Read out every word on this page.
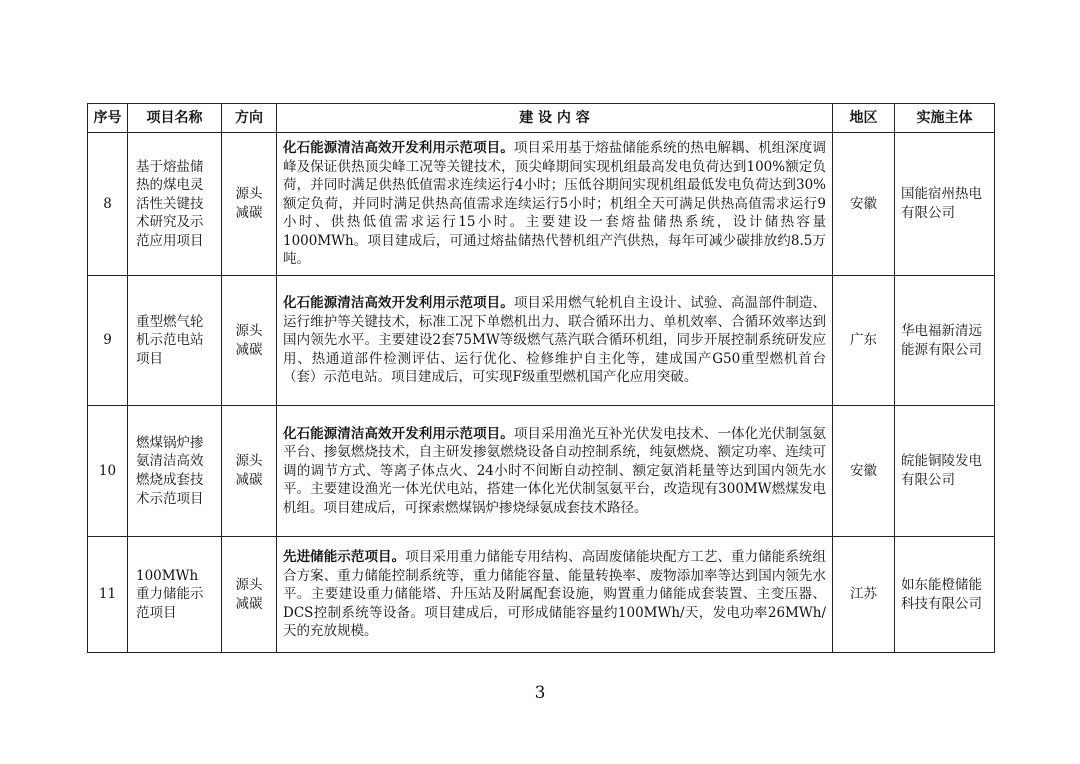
序号	项目名称	方向	建 设 内 容	地区	实施主体
8	基于熔盐储热的煤电灵活性关键技术研究及示范应用项目	源头减碳	化石能源清洁高效开发利用示范项目。项目采用基于熔盐储能系统的热电解耦、机组深度调峰及保证供热顶尖峰工况等关键技术，顶尖峰期间实现机组最高发电负荷达到100%额定负荷，并同时满足供热低值需求连续运行4小时；压低谷期间实现机组最低发电负荷达到30%额定负荷，并同时满足供热高值需求连续运行5小时；机组全天可满足供热高值需求运行9小时、供热低值需求运行15小时。主要建设一套熔盐储热系统，设计储热容量1000MWh。项目建成后，可通过熔盐储热代替机组产汽供热，每年可减少碳排放约8.5万吨。	安徽	国能宿州热电有限公司
9	重型燃气轮机示范电站项目	源头减碳	化石能源清洁高效开发利用示范项目。项目采用燃气轮机自主设计、试验、高温部件制造、运行维护等关键技术，标准工况下单燃机出力、联合循环出力、单机效率、合循环效率达到国内领先水平。主要建设2套75MW等级燃气蒸汽联合循环机组，同步开展控制系统研发应用、热通道部件检测评估、运行优化、检修维护自主化等，建成国产G50重型燃机首台（套）示范电站。项目建成后，可实现F级重型燃机国产化应用突破。	广东	华电福新清远能源有限公司
10	燃煤锅炉掺氨清洁高效燃烧成套技术示范项目	源头减碳	化石能源清洁高效开发利用示范项目。项目采用渔光互补光伏发电技术、一体化光伏制氢氨平台、掺氨燃烧技术，自主研发掺氨燃烧设备自动控制系统，纯氨燃烧、额定功率、连续可调的调节方式、等离子体点火、24小时不间断自动控制、额定氨消耗量等达到国内领先水平。主要建设渔光一体光伏电站，搭建一体化光伏制氢氨平台，改造现有300MW燃煤发电机组。项目建成后，可探索燃煤锅炉掺烧绿氨成套技术路径。	安徽	皖能铜陵发电有限公司
11	100MWh 重力储能示范项目	源头减碳	先进储能示范项目。项目采用重力储能专用结构、高固废储能块配方工艺、重力储能系统组合方案、重力储能控制系统等，重力储能容量、能量转换率、废物添加率等达到国内领先水平。主要建设重力储能塔、升压站及附属配套设施，购置重力储能成套装置、主变压器、DCS控制系统等设备。项目建成后，可形成储能容量约100MWh/天，发电功率26MWh/天的充放规模。	江苏	如东能橙储能科技有限公司
3
